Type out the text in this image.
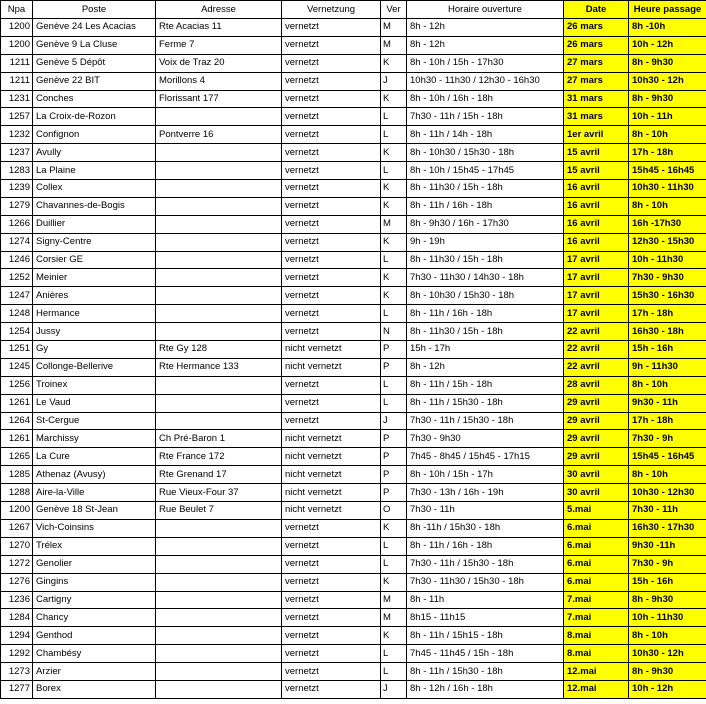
Npa	Poste	Adresse	Vernetzung	Ver	Horaire ouverture	Date	Heure passage
1200	Genève 24 Les Acacias	Rte Acacias 11	vernetzt	M	8h - 12h	26 mars	8h -10h
1200	Genève 9 La Cluse	Ferme 7	vernetzt	M	8h - 12h	26 mars	10h - 12h
1211	Genève 5 Dépôt	Voix de Traz 20	vernetzt	K	8h - 10h / 15h - 17h30	27 mars	8h - 9h30
1211	Genève 22 BIT	Morillons 4	vernetzt	J	10h30 - 11h30 / 12h30 - 16h30	27 mars	10h30 - 12h
1231	Conches	Florissant 177	vernetzt	K	8h - 10h / 16h - 18h	31 mars	8h - 9h30
1257	La Croix-de-Rozon		vernetzt	L	7h30 - 11h / 15h - 18h	31 mars	10h - 11h
1232	Confignon	Pontverre 16	vernetzt	L	8h - 11h / 14h - 18h	1er avril	8h - 10h
1237	Avully		vernetzt	K	8h - 10h30 / 15h30 - 18h	15 avril	17h - 18h
1283	La Plaine		vernetzt	L	8h - 10h / 15h45 - 17h45	15 avril	15h45 - 16h45
1239	Collex		vernetzt	K	8h - 11h30 / 15h - 18h	16 avril	10h30 - 11h30
1279	Chavannes-de-Bogis		vernetzt	K	8h - 11h / 16h - 18h	16 avril	8h - 10h
1266	Duillier		vernetzt	M	8h - 9h30 / 16h - 17h30	16 avril	16h -17h30
1274	Signy-Centre		vernetzt	K	9h - 19h	16 avril	12h30 - 15h30
1246	Corsier GE		vernetzt	L	8h - 11h30 / 15h - 18h	17 avril	10h - 11h30
1252	Meinier		vernetzt	K	7h30 - 11h30 / 14h30 - 18h	17 avril	7h30 - 9h30
1247	Anières		vernetzt	K	8h - 10h30 / 15h30 - 18h	17 avril	15h30 - 16h30
1248	Hermance		vernetzt	L	8h - 11h / 16h - 18h	17 avril	17h - 18h
1254	Jussy		vernetzt	N	8h - 11h30 / 15h - 18h	22 avril	16h30 - 18h
1251	Gy	Rte Gy 128	nicht vernetzt	P	15h - 17h	22 avril	15h - 16h
1245	Collonge-Bellerive	Rte Hermance 133	nicht vernetzt	P	8h - 12h	22 avril	9h - 11h30
1256	Troinex		vernetzt	L	8h - 11h / 15h - 18h	28 avril	8h - 10h
1261	Le Vaud		vernetzt	L	8h - 11h / 15h30 - 18h	29 avril	9h30 - 11h
1264	St-Cergue		vernetzt	J	7h30 - 11h / 15h30 - 18h	29 avril	17h - 18h
1261	Marchissy	Ch Pré-Baron 1	nicht vernetzt	P	7h30 - 9h30	29 avril	7h30 - 9h
1265	La Cure	Rte France 172	nicht vernetzt	P	7h45 - 8h45 / 15h45 - 17h15	29 avril	15h45 - 16h45
1285	Athenaz (Avusy)	Rte Grenand 17	nicht vernetzt	P	8h - 10h / 15h - 17h	30 avril	8h - 10h
1288	Aire-la-Ville	Rue Vieux-Four 37	nicht vernetzt	P	7h30 - 13h / 16h - 19h	30 avril	10h30 - 12h30
1200	Genève 18 St-Jean	Rue Beulet 7	nicht vernetzt	O	7h30 - 11h	5.mai	7h30 - 11h
1267	Vich-Coinsins		vernetzt	K	8h -11h / 15h30 - 18h	6.mai	16h30 - 17h30
1270	Trélex		vernetzt	L	8h - 11h / 16h - 18h	6.mai	9h30 -11h
1272	Genolier		vernetzt	L	7h30 - 11h / 15h30 - 18h	6.mai	7h30 - 9h
1276	Gingins		vernetzt	K	7h30 - 11h30 / 15h30 - 18h	6.mai	15h - 16h
1236	Cartigny		vernetzt	M	8h - 11h	7.mai	8h - 9h30
1284	Chancy		vernetzt	M	8h15 - 11h15	7.mai	10h - 11h30
1294	Genthod		vernetzt	K	8h - 11h / 15h15 - 18h	8.mai	8h - 10h
1292	Chambésy		vernetzt	L	7h45 - 11h45 / 15h - 18h	8.mai	10h30 - 12h
1273	Arzier		vernetzt	L	8h - 11h / 15h30 - 18h	12.mai	8h - 9h30
1277	Borex		vernetzt	J	8h - 12h / 16h - 18h	12.mai	10h - 12h
